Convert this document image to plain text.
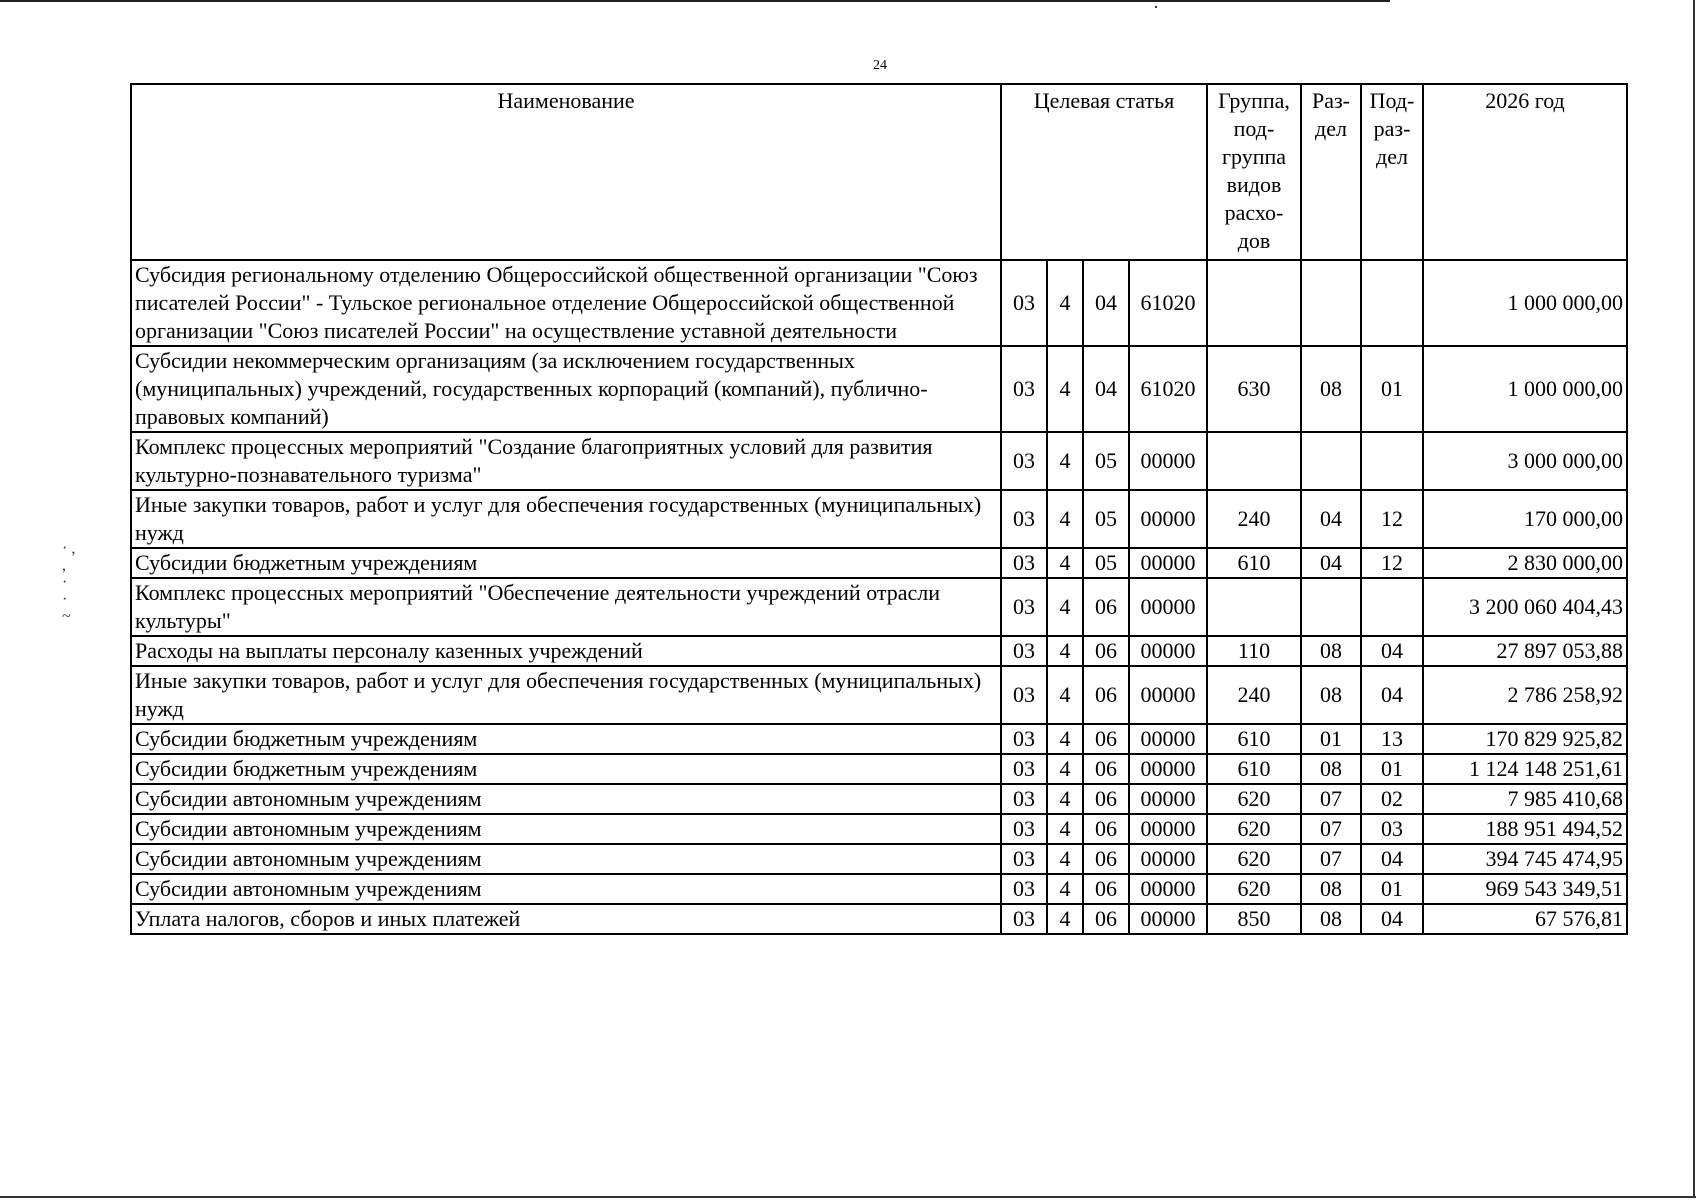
24
· ,
,
·
·
~
Наименование	Целевая статья				Группа, под- группа видов расхо- дов	Раз- дел	Под- раз- дел	2026 год
Субсидия региональному отделению Общероссийской общественной организации "Союз писателей России" - Тульское региональное отделение Общероссийской общественной организации "Союз писателей России" на осуществление уставной деятельности	03	4	04	61020				1 000 000,00
Субсидии некоммерческим организациям (за исключением государственных (муниципальных) учреждений, государственных корпораций (компаний), публично-правовых компаний)	03	4	04	61020	630	08	01	1 000 000,00
Комплекс процессных мероприятий "Создание благоприятных условий для развития культурно-познавательного туризма"	03	4	05	00000				3 000 000,00
Иные закупки товаров, работ и услуг для обеспечения государственных (муниципальных) нужд	03	4	05	00000	240	04	12	170 000,00
Субсидии бюджетным учреждениям	03	4	05	00000	610	04	12	2 830 000,00
Комплекс процессных мероприятий "Обеспечение деятельности учреждений отрасли культуры"	03	4	06	00000				3 200 060 404,43
Расходы на выплаты персоналу казенных учреждений	03	4	06	00000	110	08	04	27 897 053,88
Иные закупки товаров, работ и услуг для обеспечения государственных (муниципальных) нужд	03	4	06	00000	240	08	04	2 786 258,92
Субсидии бюджетным учреждениям	03	4	06	00000	610	01	13	170 829 925,82
Субсидии бюджетным учреждениям	03	4	06	00000	610	08	01	1 124 148 251,61
Субсидии автономным учреждениям	03	4	06	00000	620	07	02	7 985 410,68
Субсидии автономным учреждениям	03	4	06	00000	620	07	03	188 951 494,52
Субсидии автономным учреждениям	03	4	06	00000	620	07	04	394 745 474,95
Субсидии автономным учреждениям	03	4	06	00000	620	08	01	969 543 349,51
Уплата налогов, сборов и иных платежей	03	4	06	00000	850	08	04	67 576,81
